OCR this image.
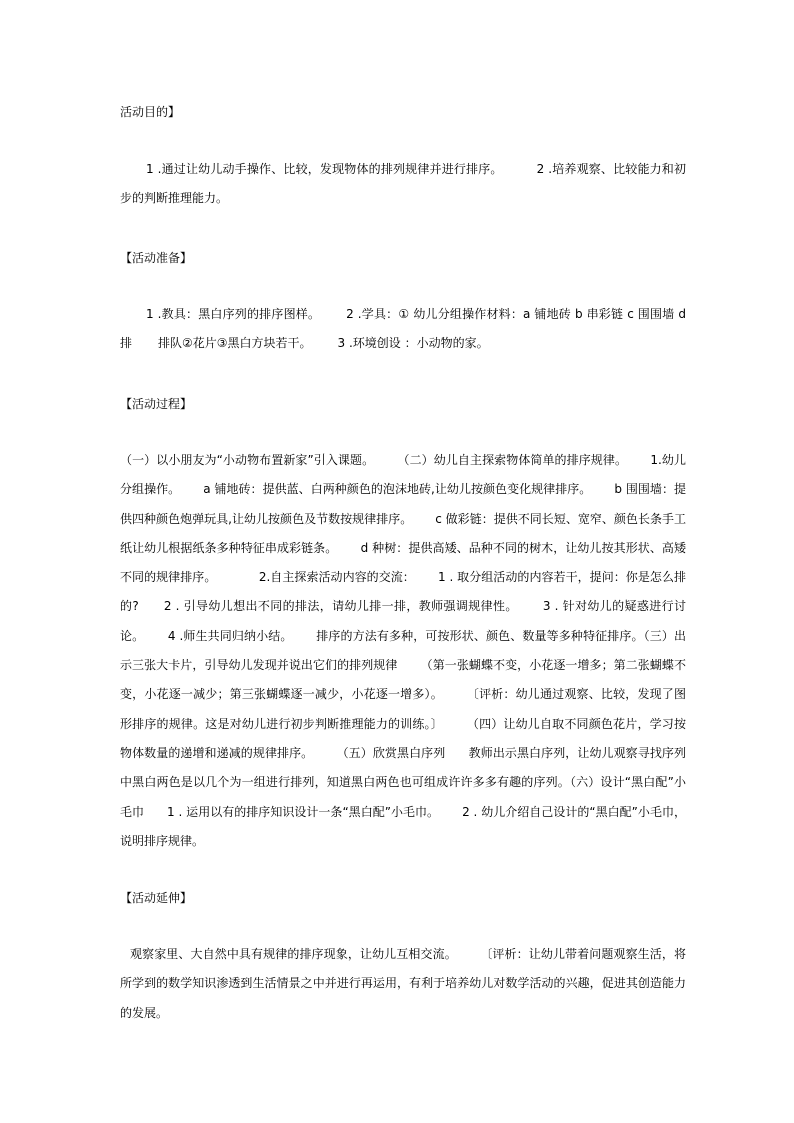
活动目的】
1 .通过让幼儿动手操作、比较，发现物体的排列规律并进行排序。	2 .培养观察、比较能力和初步的判断推理能力。
【活动准备】
1 .教具：黑白序列的排序图样。 2 .学具：① 幼儿分组操作材料：a 铺地砖 b 串彩链 c 围围墙 d 排 排队②花片③黑白方块若干。 3 .环境创设 ：小动物的家。
【活动过程】
（一）以小朋友为“小动物布置新家”引入课题。      （二）幼儿自主探索物体简单的排序规律。      1.幼儿分组操作。      a 铺地砖：提供蓝、白两种颜色的泡沫地砖,让幼儿按颜色变化规律排序。      b 围围墙：提供四种颜色炮弹玩具,让幼儿按颜色及节数按规律排序。      c 做彩链：提供不同长短、宽窄、颜色长条手工纸让幼儿根据纸条多种特征串成彩链条。      d 种树：提供高矮、品种不同的树木，让幼儿按其形状、高矮不同的规律排序。           2.自主探索活动内容的交流：      1 . 取分组活动的内容若干，提问：你是怎么排的?      2 . 引导幼儿想出不同的排法，请幼儿排一排，教师强调规律性。      3 . 针对幼儿的疑惑进行讨论。      4 .师生共同归纳小结。      排序的方法有多种，可按形状、颜色、数量等多种特征排序。（三）出示三张大卡片，引导幼儿发现并说出它们的排列规律      （第一张蝴蝶不变，小花逐一增多；第二张蝴蝶不变，小花逐一减少；第三张蝴蝶逐一减少，小花逐一增多）。      〔评析：幼儿通过观察、比较，发现了图形排序的规律。这是对幼儿进行初步判断推理能力的训练。〕      （四）让幼儿自取不同颜色花片，学习按物体数量的递增和递减的规律排序。      （五）欣赏黑白序列      教师出示黑白序列，让幼儿观察寻找序列中黑白两色是以几个为一组进行排列，知道黑白两色也可组成许许多多有趣的序列。（六）设计“黑白配”小毛巾      1 . 运用以有的排序知识设计一条“黑白配”小毛巾。      2 . 幼儿介绍自己设计的“黑白配”小毛巾，说明排序规律。
【活动延伸】
观察家里、大自然中具有规律的排序现象，让幼儿互相交流。      〔评析：让幼儿带着问题观察生活，将所学到的数学知识渗透到生活情景之中并进行再运用，有利于培养幼儿对数学活动的兴趣，促进其创造能力的发展。
